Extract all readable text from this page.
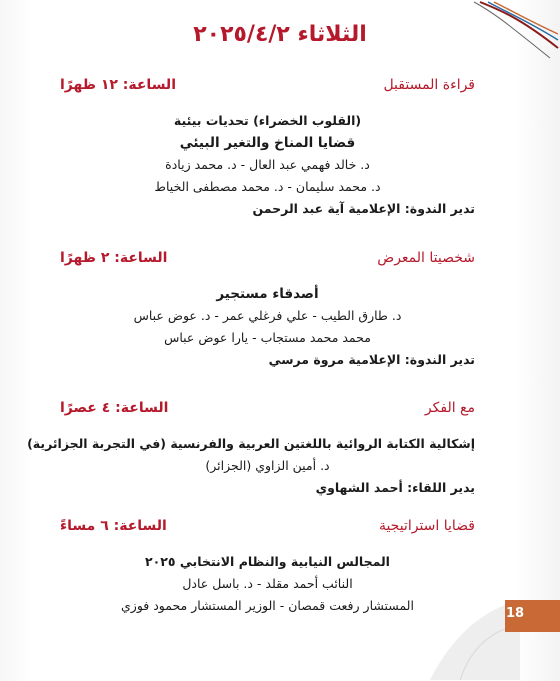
الثلاثاء ٢٠٢٥/٤/٢
قراءة المستقبل
الساعة: ١٢ ظهرًا
(القلوب الخضراء) تحديات بيئية
قضايا المناخ والتغير البيئي
د. خالد فهمي عبد العال - د. محمد زيادة
د. محمد سليمان - د. محمد مصطفى الخياط
تدير الندوة: الإعلامية آية عبد الرحمن
شخصيتا المعرض
الساعة: ٢ ظهرًا
أصدقاء مستجير
د. طارق الطيب - علي فرغلي عمر - د. عوض عباس
محمد محمد مستجاب - يارا عوض عباس
تدير الندوة: الإعلامية مروة مرسي
مع الفكر
الساعة: ٤ عصرًا
إشكالية الكتابة الروائية باللغتين العربية والفرنسية (في التجربة الجزائرية)
د. أمين الزاوي (الجزائر)
يدير اللقاء: أحمد الشهاوي
قضايا استراتيجية
الساعة: ٦ مساءً
المجالس النيابية والنظام الانتخابي ٢٠٢٥
النائب أحمد مقلد - د. باسل عادل
المستشار رفعت قمصان - الوزير المستشار محمود فوزي
18
